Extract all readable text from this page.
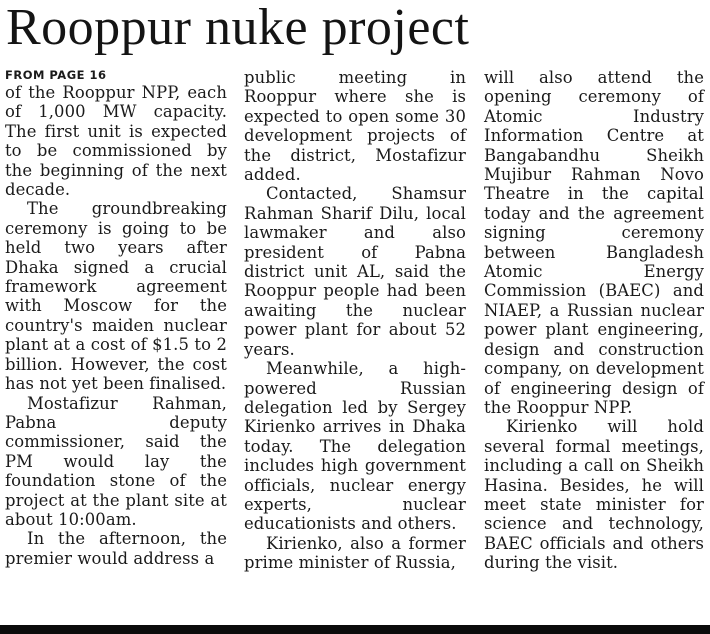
Rooppur nuke project
FROM PAGE 16

of the Rooppur NPP, each of 1,000 MW capacity. The first unit is expected to be commissioned by the beginning of the next decade.

The groundbreaking ceremony is going to be held two years after Dhaka signed a crucial framework agreement with Moscow for the country's maiden nuclear plant at a cost of $1.5 to 2 billion. However, the cost has not yet been finalised.

Mostafizur Rahman, Pabna deputy commissioner, said the PM would lay the foundation stone of the project at the plant site at about 10:00am.

In the afternoon, the premier would address a

public meeting in Rooppur where she is expected to open some 30 development projects of the district, Mostafizur added.

Contacted, Shamsur Rahman Sharif Dilu, local lawmaker and also president of Pabna district unit AL, said the Rooppur people had been awaiting the nuclear power plant for about 52 years.

Meanwhile, a high-powered Russian delegation led by Sergey Kirienko arrives in Dhaka today. The delegation includes high government officials, nuclear energy experts, nuclear educationists and others.

Kirienko, also a former prime minister of Russia,

will also attend the opening ceremony of Atomic Industry Information Centre at Bangabandhu Sheikh Mujibur Rahman Novo Theatre in the capital today and the agreement signing ceremony between Bangladesh Atomic Energy Commission (BAEC) and NIAEP, a Russian nuclear power plant engineering, design and construction company, on development of engineering design of the Rooppur NPP.

Kirienko will hold several formal meetings, including a call on Sheikh Hasina. Besides, he will meet state minister for science and technology, BAEC officials and others during the visit.
